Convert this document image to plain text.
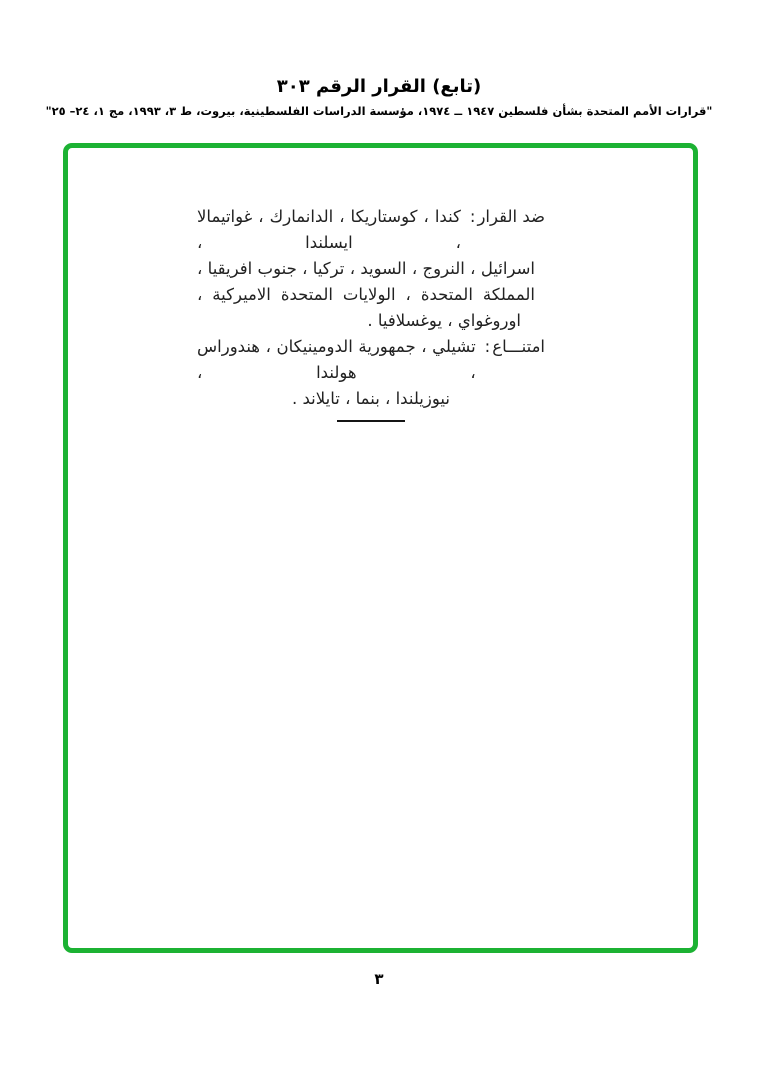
(تابع) القرار الرقم ٣٠٣
"قرارات الأمم المتحدة بشأن فلسطين ١٩٤٧ ــ ١٩٧٤، مؤسسة الدراسات الفلسطينية، بيروت، ط ٣، ١٩٩٣، مج ١، ٢٤– ٢٥"
ضد القرار
:
كندا ، كوستاريكا ، الدانمارك ، غواتيمالا ، ايسلندا ،
اسرائيل ، النروج ، السويد ، تركيا ، جنوب افريقيا ،
المملكة المتحدة ، الولايات المتحدة الاميركية ،
اوروغواي ، يوغسلافيا .
امتنـــاع
:
تشيلي ، جمهورية الدومينيكان ، هندوراس ، هولندا ،
نيوزيلندا ، بنما ، تايلاند .
٣
